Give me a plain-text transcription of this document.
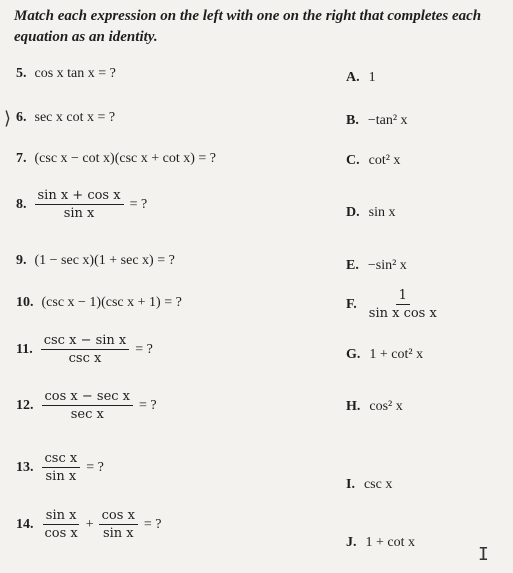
Match each expression on the left with one on the right that completes each equation as an identity.
⟩
5. cos x tan x = ?
6. sec x cot x = ?
7. (csc x − cot x)(csc x + cot x) = ?
8. $\frac{\text{sin x + cos x}}{\text{sin x}}$ = ?
9. (1 − sec x)(1 + sec x) = ?
10. (csc x − 1)(csc x + 1) = ?
11. $\frac{\text{csc x − sin x}}{\text{csc x}}$ = ?
12. $\frac{\text{cos x − sec x}}{\text{sec x}}$ = ?
13. $\frac{\text{csc x}}{\text{sin x}}$ = ?
14. $\frac{\text{sin x}}{\text{cos x}} + \frac{\text{cos x}}{\text{sin x}}$ = ?
A. 1
B. −tan² x
C. cot² x
D. sin x
E. −sin² x
F. $\frac{1}{\text{sin x cos x}}$
G. 1 + cot² x
H. cos² x
I. csc x
J. 1 + cot x
I
